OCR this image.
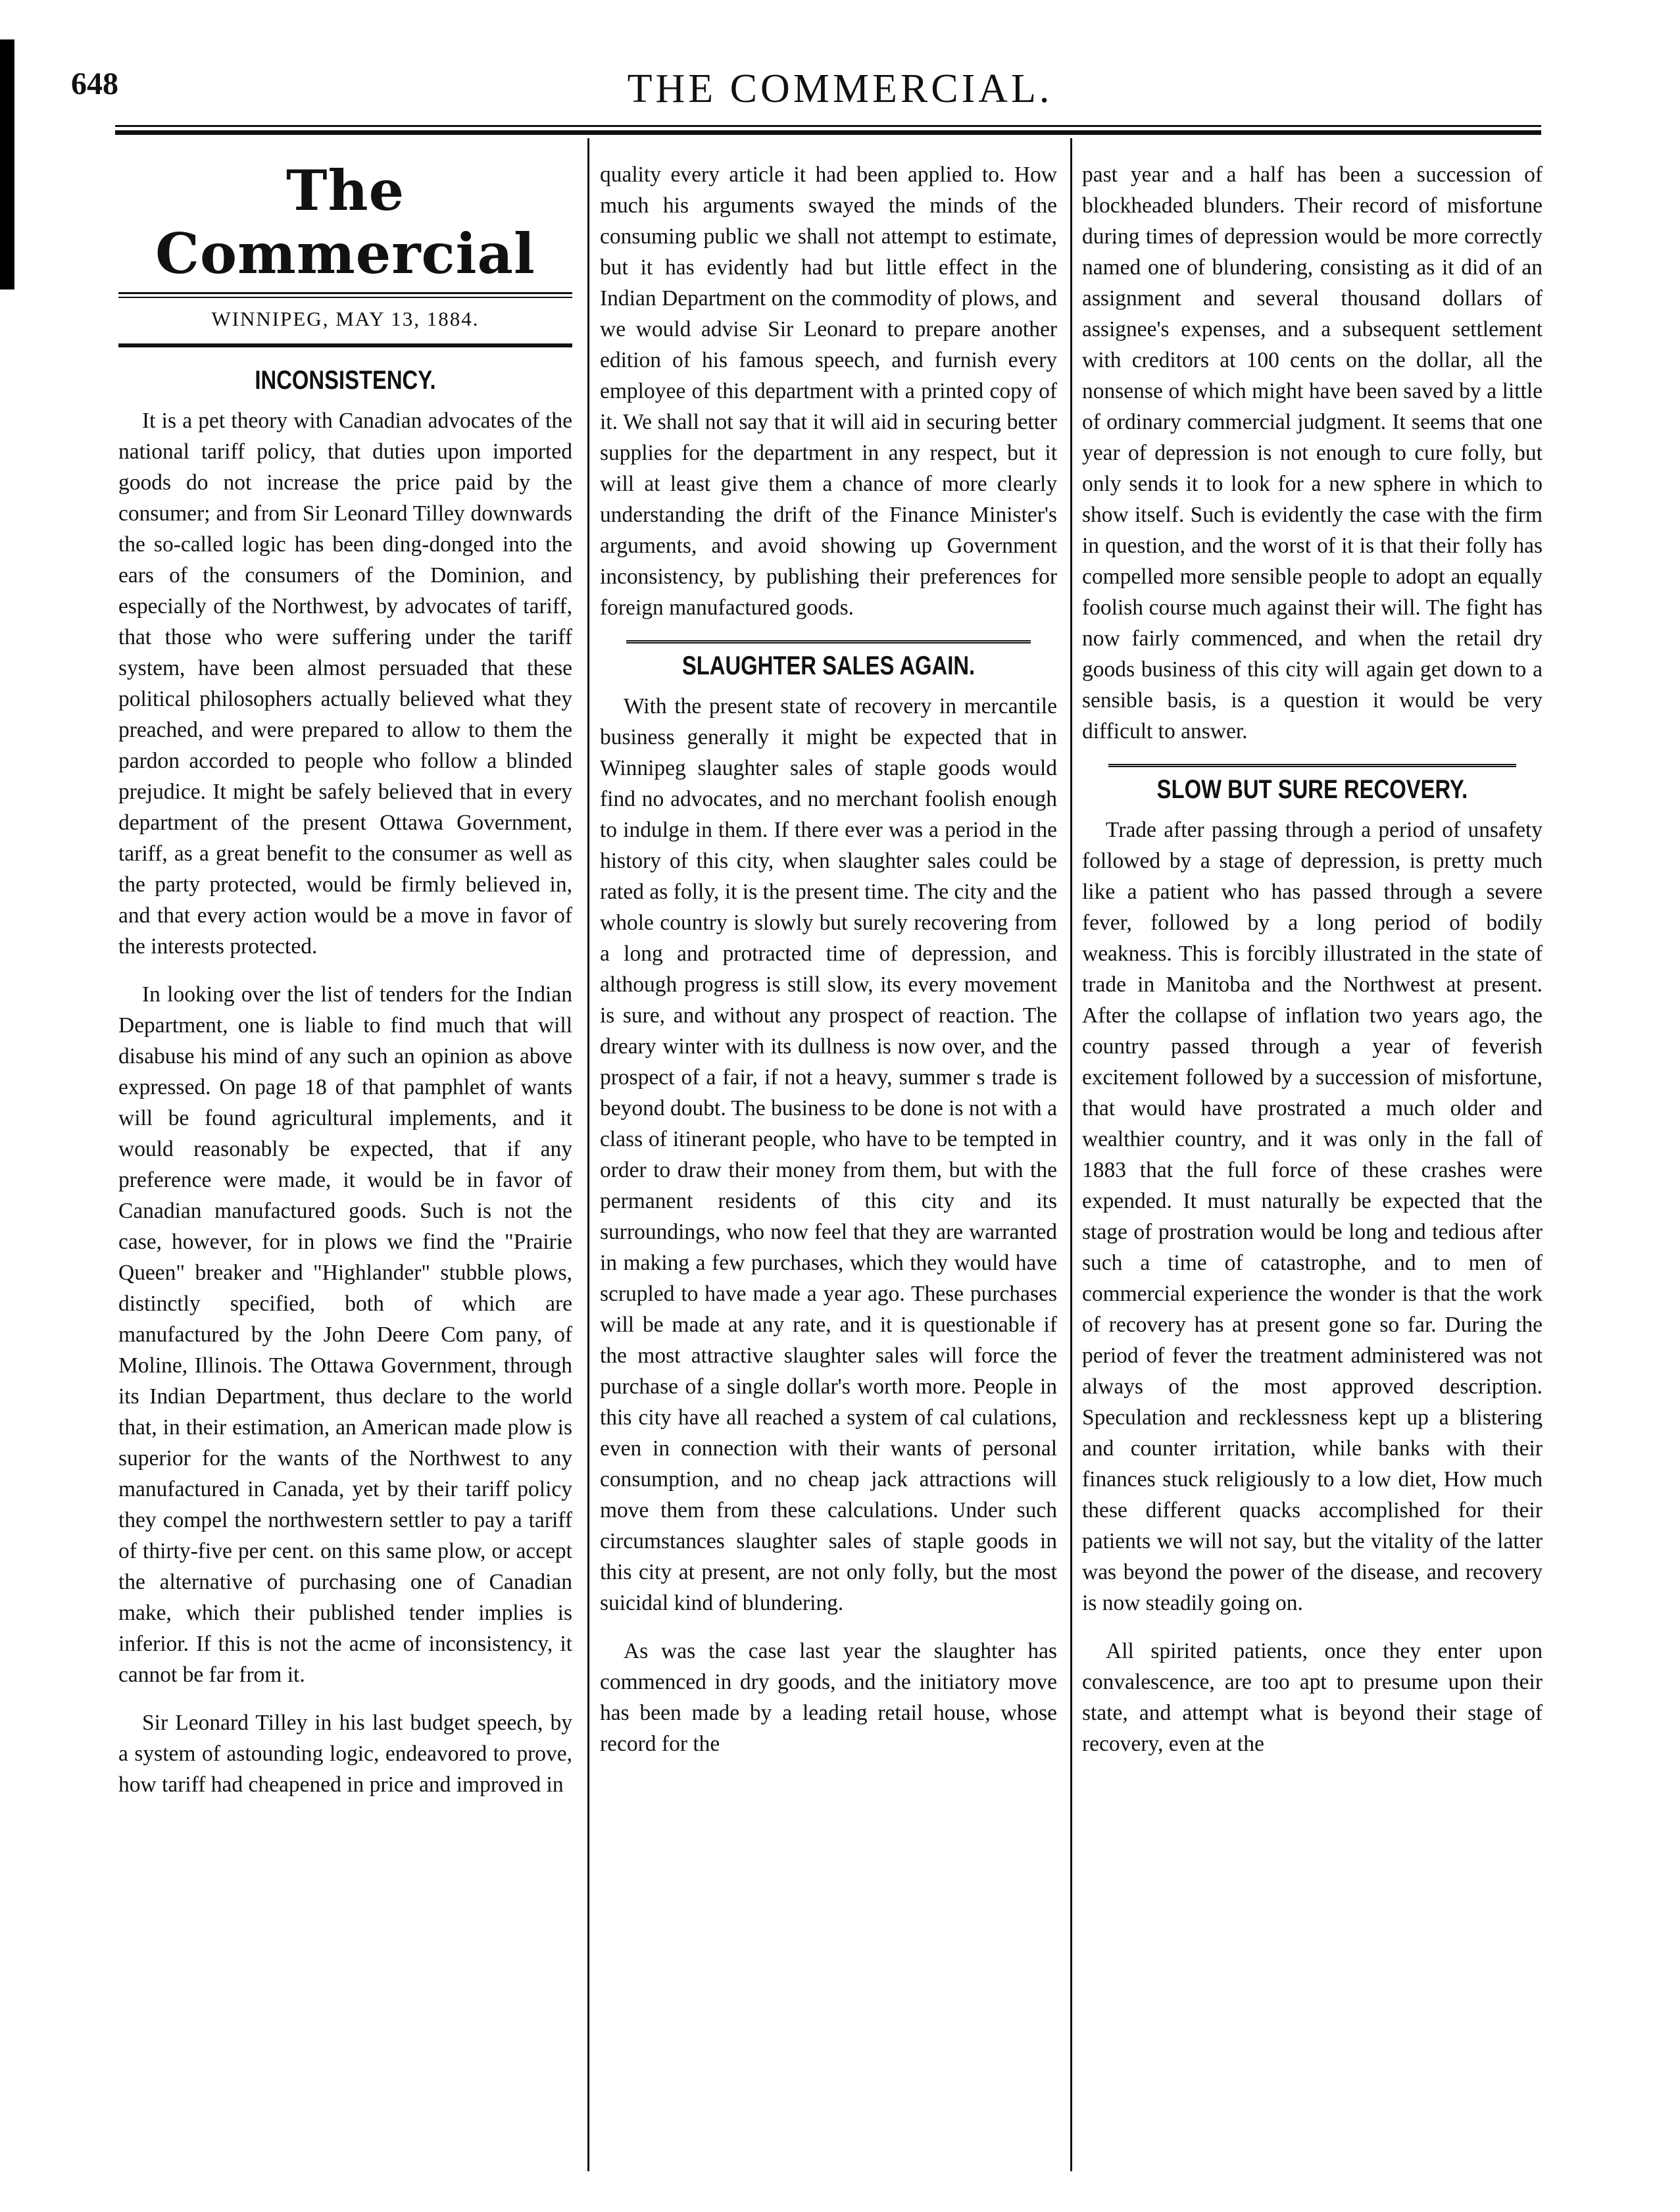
648	THE COMMERCIAL.
The Commercial
WINNIPEG, MAY 13, 1884.
INCONSISTENCY.

It is a pet theory with Canadian advocates of the national tariff policy, that duties upon imported goods do not increase the price paid by the consumer; and from Sir Leonard Tilley downwards the so-called logic has been ding-donged into the ears of the consumers of the Dominion, and especially of the Northwest, by advocates of tariff, that those who were suffering under the tariff system, have been almost persuaded that these political philosophers actually believed what they preached, and were prepared to allow to them the pardon accorded to people who follow a blinded prejudice. It might be safely believed that in every department of the present Ottawa Government, tariff, as a great benefit to the consumer as well as the party protected, would be firmly believed in, and that every action would be a move in favor of the interests protected.

In looking over the list of tenders for the Indian Department, one is liable to find much that will disabuse his mind of any such an opinion as above expressed. On page 18 of that pamphlet of wants will be found agricultural implements, and it would reasonably be expected, that if any preference were made, it would be in favor of Canadian manufactured goods. Such is not the case, however, for in plows we find the "Prairie Queen" breaker and "Highlander" stubble plows, distinctly specified, both of which are manufactured by the John Deere Com pany, of Moline, Illinois. The Ottawa Government, through its Indian Department, thus declare to the world that, in their estimation, an American made plow is superior for the wants of the Northwest to any manufactured in Canada, yet by their tariff policy they compel the northwestern settler to pay a tariff of thirty-five per cent. on this same plow, or accept the alternative of purchasing one of Canadian make, which their published tender implies is inferior. If this is not the acme of inconsistency, it cannot be far from it.

Sir Leonard Tilley in his last budget speech, by a system of astounding logic, endeavored to prove, how tariff had cheapened in price and improved in

quality every article it had been applied to. How much his arguments swayed the minds of the consuming public we shall not attempt to estimate, but it has evidently had but little effect in the Indian Department on the commodity of plows, and we would advise Sir Leonard to prepare another edition of his famous speech, and furnish every employee of this department with a printed copy of it. We shall not say that it will aid in securing better supplies for the department in any respect, but it will at least give them a chance of more clearly understanding the drift of the Finance Minister's arguments, and avoid showing up Government inconsistency, by publishing their preferences for foreign manufactured goods.

SLAUGHTER SALES AGAIN.

With the present state of recovery in mercantile business generally it might be expected that in Winnipeg slaughter sales of staple goods would find no advocates, and no merchant foolish enough to indulge in them. If there ever was a period in the history of this city, when slaughter sales could be rated as folly, it is the present time. The city and the whole country is slowly but surely recovering from a long and protracted time of depression, and although progress is still slow, its every movement is sure, and without any prospect of reaction. The dreary winter with its dullness is now over, and the prospect of a fair, if not a heavy, summer s trade is beyond doubt. The business to be done is not with a class of itinerant people, who have to be tempted in order to draw their money from them, but with the permanent residents of this city and its surroundings, who now feel that they are warranted in making a few purchases, which they would have scrupled to have made a year ago. These purchases will be made at any rate, and it is questionable if the most attractive slaughter sales will force the purchase of a single dollar's worth more. People in this city have all reached a system of cal culations, even in connection with their wants of personal consumption, and no cheap jack attractions will move them from these calculations. Under such circumstances slaughter sales of staple goods in this city at present, are not only folly, but the most suicidal kind of blundering.

As was the case last year the slaughter has commenced in dry goods, and the initiatory move has been made by a leading retail house, whose record for the

past year and a half has been a succession of blockheaded blunders. Their record of misfortune during times of depression would be more correctly named one of blundering, consisting as it did of an assignment and several thousand dollars of assignee's expenses, and a subsequent settlement with creditors at 100 cents on the dollar, all the nonsense of which might have been saved by a little of ordinary commercial judgment. It seems that one year of depression is not enough to cure folly, but only sends it to look for a new sphere in which to show itself. Such is evidently the case with the firm in question, and the worst of it is that their folly has compelled more sensible people to adopt an equally foolish course much against their will. The fight has now fairly commenced, and when the retail dry goods business of this city will again get down to a sensible basis, is a question it would be very difficult to answer.

SLOW BUT SURE RECOVERY.

Trade after passing through a period of unsafety followed by a stage of depression, is pretty much like a patient who has passed through a severe fever, followed by a long period of bodily weakness. This is forcibly illustrated in the state of trade in Manitoba and the Northwest at present. After the collapse of inflation two years ago, the country passed through a year of feverish excitement followed by a succession of misfortune, that would have prostrated a much older and wealthier country, and it was only in the fall of 1883 that the full force of these crashes were expended. It must naturally be expected that the stage of prostration would be long and tedious after such a time of catastrophe, and to men of commercial experience the wonder is that the work of recovery has at present gone so far. During the period of fever the treatment administered was not always of the most approved description. Speculation and recklessness kept up a blistering and counter irritation, while banks with their finances stuck religiously to a low diet, How much these different quacks accomplished for their patients we will not say, but the vitality of the latter was beyond the power of the disease, and recovery is now steadily going on.

All spirited patients, once they enter upon convalescence, are too apt to presume upon their state, and attempt what is beyond their stage of recovery, even at the
